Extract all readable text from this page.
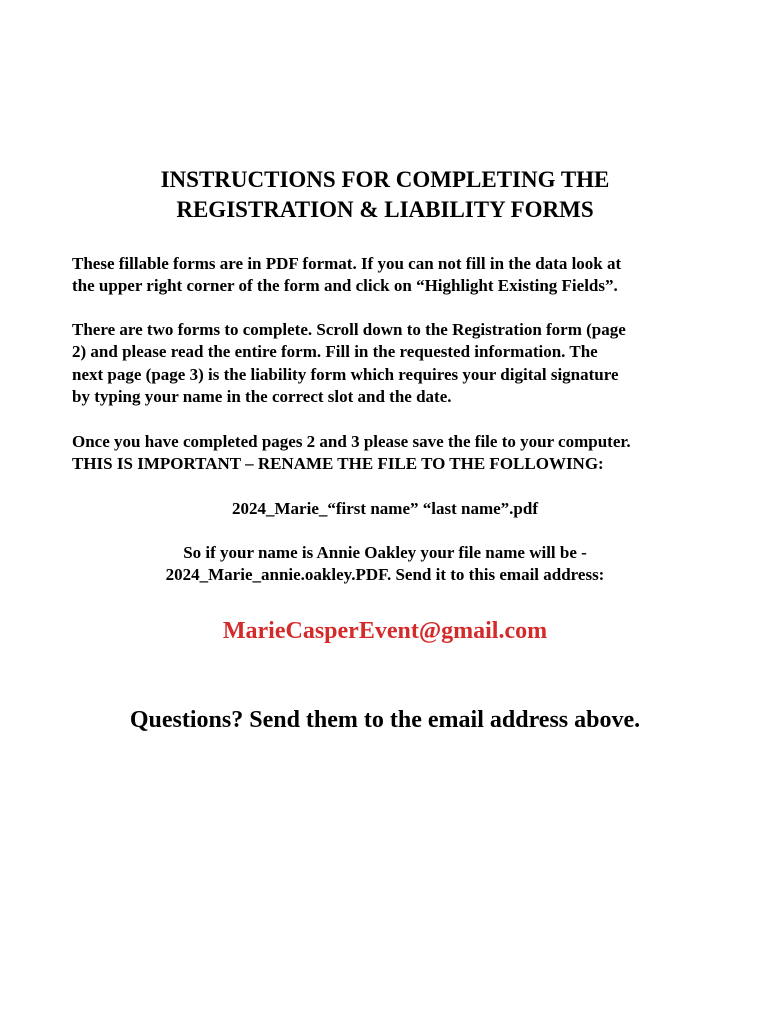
INSTRUCTIONS FOR COMPLETING THE
REGISTRATION & LIABILITY FORMS
These fillable forms are in PDF format. If you can not fill in the data look at
the upper right corner of the form and click on “Highlight Existing Fields”.
There are two forms to complete. Scroll down to the Registration form (page
2) and please read the entire form. Fill in the requested information. The
next page (page 3) is the liability form which requires your digital signature
by typing your name in the correct slot and the date.
Once you have completed pages 2 and 3 please save the file to your computer.
THIS IS IMPORTANT – RENAME THE FILE TO THE FOLLOWING:
2024_Marie_“first name” “last name”.pdf
So if your name is Annie Oakley your file name will be -
2024_Marie_annie.oakley.PDF. Send it to this email address:
MarieCasperEvent@gmail.com
Questions? Send them to the email address above.
